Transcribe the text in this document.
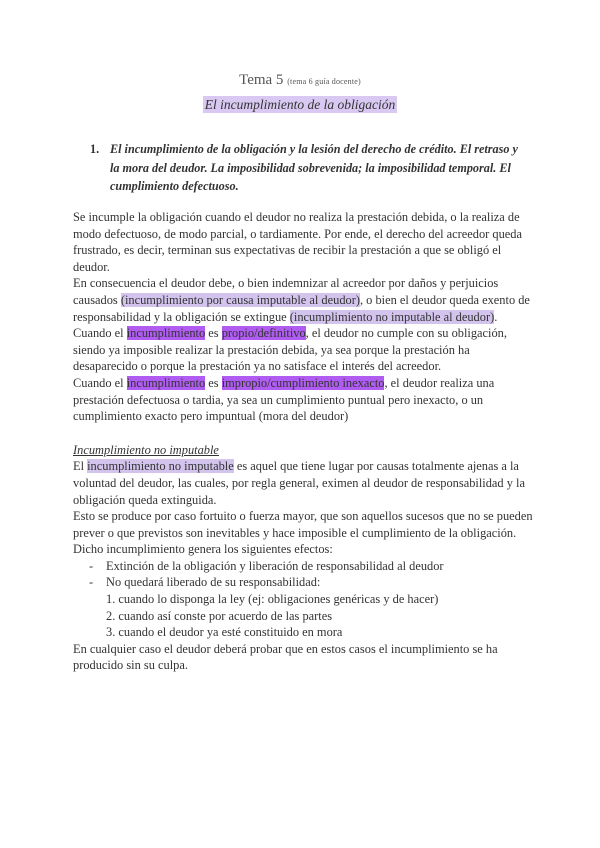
Tema 5 (tema 6 guía docente)
El incumplimiento de la obligación
1. El incumplimiento de la obligación y la lesión del derecho de crédito. El retraso y la mora del deudor. La imposibilidad sobrevenida; la imposibilidad temporal. El cumplimiento defectuoso.

Se incumple la obligación cuando el deudor no realiza la prestación debida, o la realiza de modo defectuoso, de modo parcial, o tardiamente. Por ende, el derecho del acreedor queda frustrado, es decir, terminan sus expectativas de recibir la prestación a que se obligó el deudor.

En consecuencia el deudor debe, o bien indemnizar al acreedor por daños y perjuicios causados (incumplimiento por causa imputable al deudor), o bien el deudor queda exento de responsabilidad y la obligación se extingue (incumplimiento no imputable al deudor).

Cuando el incumplimiento es propio/definitivo, el deudor no cumple con su obligación, siendo ya imposible realizar la prestación debida, ya sea porque la prestación ha desaparecido o porque la prestación ya no satisface el interés del acreedor.

Cuando el incumplimiento es impropio/cumplimiento inexacto, el deudor realiza una prestación defectuosa o tardia, ya sea un cumplimiento puntual pero inexacto, o un cumplimiento exacto pero impuntual (mora del deudor)

Incumplimiento no imputable

El incumplimiento no imputable es aquel que tiene lugar por causas totalmente ajenas a la voluntad del deudor, las cuales, por regla general, eximen al deudor de responsabilidad y la obligación queda extinguida.

Esto se produce por caso fortuito o fuerza mayor, que son aquellos sucesos que no se pueden prever o que previstos son inevitables y hace imposible el cumplimiento de la obligación.

Dicho incumplimiento genera los siguientes efectos:

- Extinción de la obligación y liberación de responsabilidad al deudor
- No quedará liberado de su responsabilidad:
1. cuando lo disponga la ley (ej: obligaciones genéricas y de hacer)
2. cuando así conste por acuerdo de las partes
3. cuando el deudor ya esté constituido en mora

En cualquier caso el deudor deberá probar que en estos casos el incumplimiento se ha producido sin su culpa.
